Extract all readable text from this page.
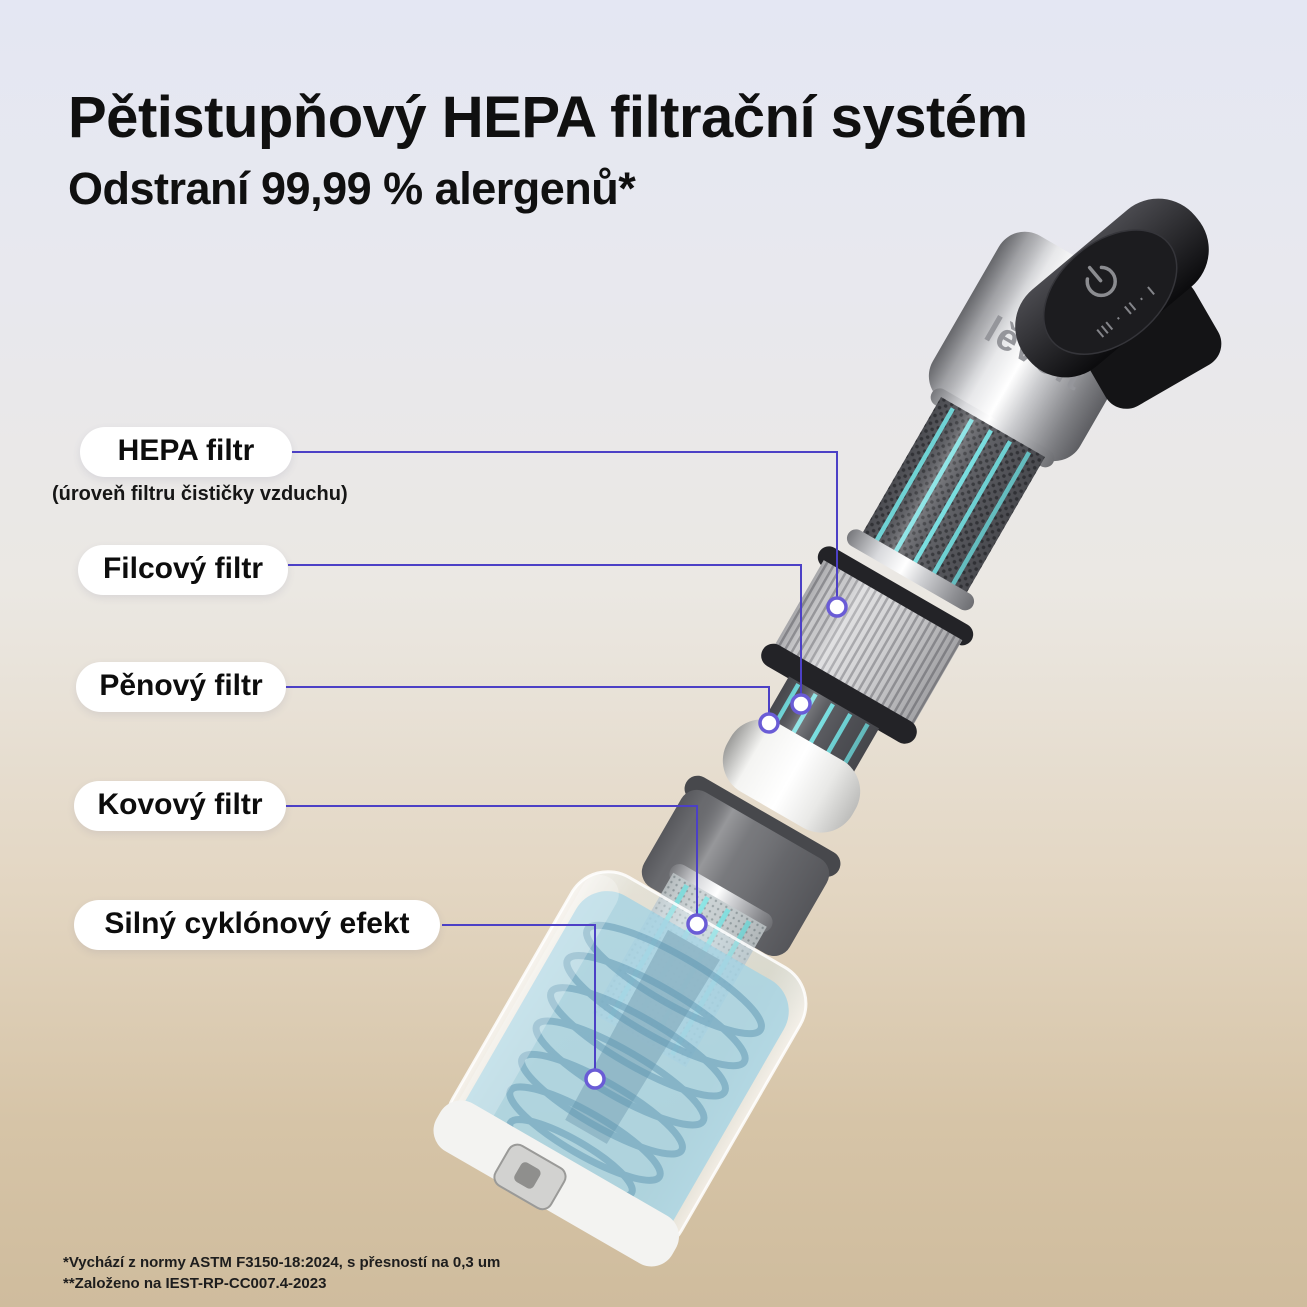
III · II · I
Pětistupňový HEPA filtrační systém
Odstraní 99,99 % alergenů*
HEPA filtr
(úroveň filtru čističky vzduchu)
Filcový filtr
Pěnový filtr
Kovový filtr
Silný cyklónový efekt
*Vychází z normy ASTM F3150-18:2024, s přesností na 0,3 um
**Založeno na IEST-RP-CC007.4-2023
